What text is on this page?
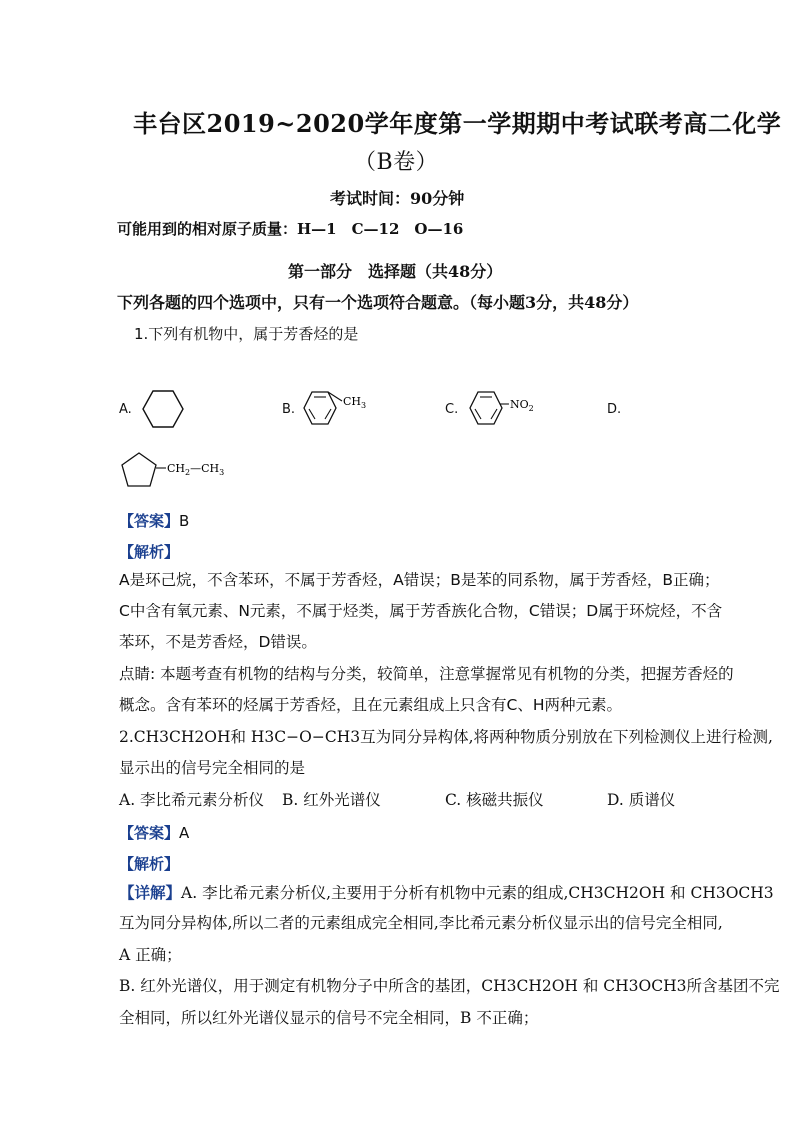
丰台区2019~2020学年度第一学期期中考试联考高二化学
（B卷）
考试时间：90分钟
可能用到的相对原子质量：H—1　C—12　O—16
第一部分　选择题（共48分）
下列各题的四个选项中，只有一个选项符合题意。（每小题3分，共48分）
1.下列有机物中，属于芳香烃的是
A.	B.
$CH_3$	C.	$NO_2$	D.
$CH_2—CH_3$
【答案】B
【解析】
A是环己烷，不含苯环，不属于芳香烃，A错误；B是苯的同系物，属于芳香烃，B正确；
C中含有氧元素、N元素，不属于烃类，属于芳香族化合物，C错误；D属于环烷烃，不含
苯环，不是芳香烃，D错误。
点睛: 本题考查有机物的结构与分类，较简单，注意掌握常见有机物的分类，把握芳香烃的
概念。含有苯环的烃属于芳香烃，且在元素组成上只含有C、H两种元素。
2.CH3CH2OH和 H3C−O−CH3互为同分异构体,将两种物质分别放在下列检测仪上进行检测,
显示出的信号完全相同的是
A. 李比希元素分析仪 B. 红外光谱仪	C. 核磁共振仪	D. 质谱仪
【答案】A
【解析】
【详解】A. 李比希元素分析仪,主要用于分析有机物中元素的组成,CH3CH2OH 和 CH3OCH3
互为同分异构体,所以二者的元素组成完全相同,李比希元素分析仪显示出的信号完全相同,
A 正确；
B. 红外光谱仪，用于测定有机物分子中所含的基团，CH3CH2OH 和 CH3OCH3所含基团不完
全相同，所以红外光谱仪显示的信号不完全相同，B 不正确；
